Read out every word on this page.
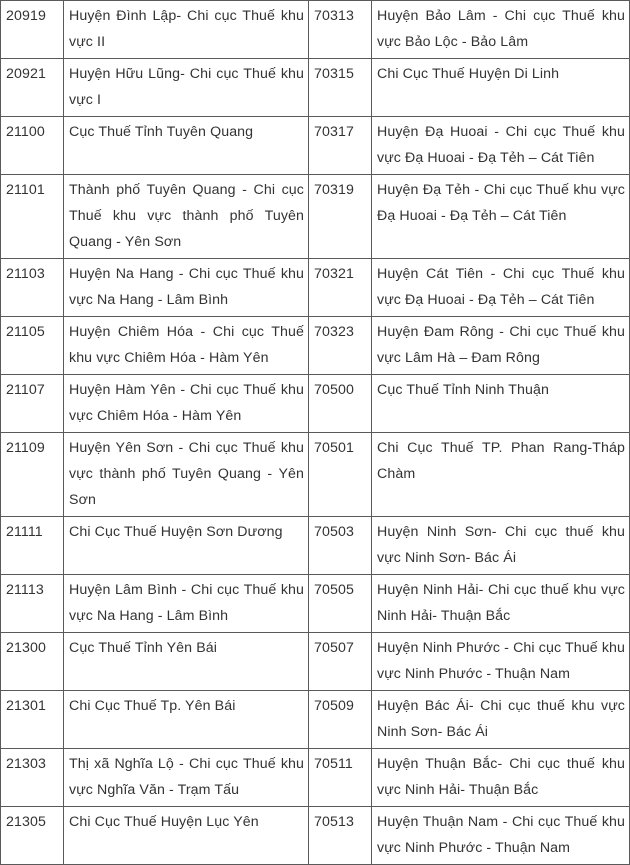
20919	Huyện Đình Lập- Chi cục Thuế khu vực II	70313	Huyện Bảo Lâm - Chi cục Thuế khu vực Bảo Lộc - Bảo Lâm
20921	Huyện Hữu Lũng- Chi cục Thuế khu vực I	70315	Chi Cục Thuế Huyện Di Linh
21100	Cục Thuế Tỉnh Tuyên Quang	70317	Huyện Đạ Huoai - Chi cục Thuế khu vực Đạ Huoai - Đạ Tẻh – Cát Tiên
21101	Thành phố Tuyên Quang - Chi cục Thuế khu vực thành phố Tuyên Quang - Yên Sơn	70319	Huyện Đạ Tẻh - Chi cục Thuế khu vực Đạ Huoai - Đạ Tẻh – Cát Tiên
21103	Huyện Na Hang - Chi cục Thuế khu vực Na Hang - Lâm Bình	70321	Huyện Cát Tiên - Chi cục Thuế khu vực Đạ Huoai - Đạ Tẻh – Cát Tiên
21105	Huyện Chiêm Hóa - Chi cục Thuế khu vực Chiêm Hóa - Hàm Yên	70323	Huyện Đam Rông - Chi cục Thuế khu vực Lâm Hà – Đam Rông
21107	Huyện Hàm Yên - Chi cục Thuế khu vực Chiêm Hóa - Hàm Yên	70500	Cục Thuế Tỉnh Ninh Thuận
21109	Huyện Yên Sơn - Chi cục Thuế khu vực thành phố Tuyên Quang - Yên Sơn	70501	Chi Cục Thuế TP. Phan Rang-Tháp Chàm
21111	Chi Cục Thuế Huyện Sơn Dương	70503	Huyện Ninh Sơn- Chi cục thuế khu vực Ninh Sơn- Bác Ái
21113	Huyện Lâm Bình - Chi cục Thuế khu vực Na Hang - Lâm Bình	70505	Huyện Ninh Hải- Chi cục thuế khu vực Ninh Hải- Thuận Bắc
21300	Cục Thuế Tỉnh Yên Bái	70507	Huyện Ninh Phước - Chi cục Thuế khu vực Ninh Phước - Thuận Nam
21301	Chi Cục Thuế Tp. Yên Bái	70509	Huyện Bác Ái- Chi cục thuế khu vực Ninh Sơn- Bác Ái
21303	Thị xã Nghĩa Lộ - Chi cục Thuế khu vực Nghĩa Văn - Trạm Tấu	70511	Huyện Thuận Bắc- Chi cục thuế khu vực Ninh Hải- Thuận Bắc
21305	Chi Cục Thuế Huyện Lục Yên	70513	Huyện Thuận Nam - Chi cục Thuế khu vực Ninh Phước - Thuận Nam
